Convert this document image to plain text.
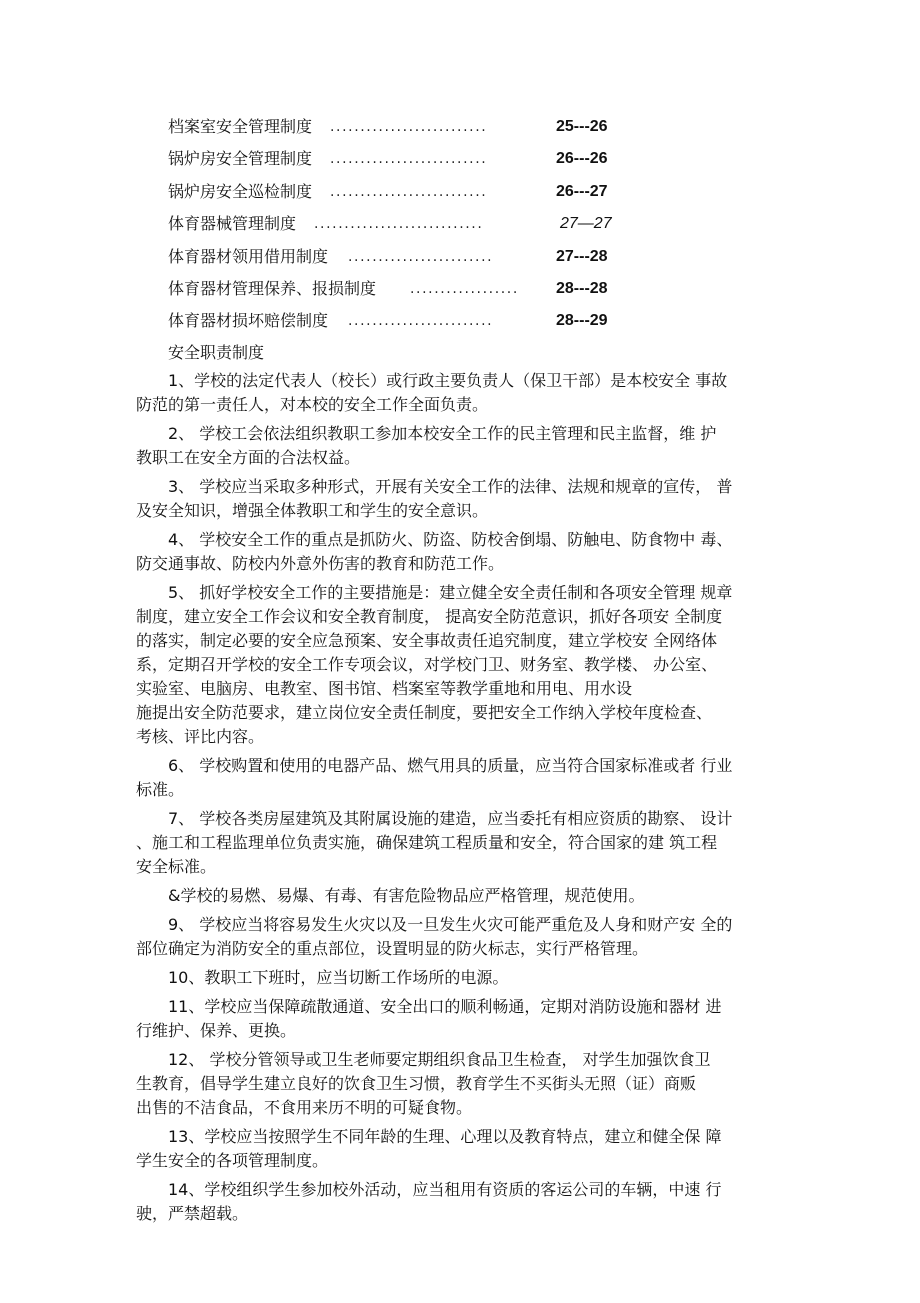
档案室安全管理制度 ..........................	25---26
锅炉房安全管理制度 ..........................	26---26
锅炉房安全巡检制度 ..........................	26---27
体育器械管理制度 ............................	27—27
体育器材领用借用制度 ........................	27---28
体育器材管理保养、报损制度 ..................	28---28
体育器材损坏赔偿制度 ........................	28---29
安全职责制度
1、学校的法定代表人（校长）或行政主要负责人（保卫干部）是本校安全 事故
防范的第一责任人，对本校的安全工作全面负责。
2、 学校工会依法组织教职工参加本校安全工作的民主管理和民主监督，维 护
教职工在安全方面的合法权益。
3、 学校应当采取多种形式，开展有关安全工作的法律、法规和规章的宣传， 普
及安全知识，增强全体教职工和学生的安全意识。
4、 学校安全工作的重点是抓防火、防盗、防校舍倒塌、防触电、防食物中 毒、
防交通事故、防校内外意外伤害的教育和防范工作。
5、 抓好学校安全工作的主要措施是：建立健全安全责任制和各项安全管理 规章
制度，建立安全工作会议和安全教育制度， 提高安全防范意识，抓好各项安 全制度
的落实，制定必要的安全应急预案、安全事故责任追究制度，建立学校安 全网络体
系，定期召开学校的安全工作专项会议，对学校门卫、财务室、教学楼、 办公室、
实验室、电脑房、电教室、图书馆、档案室等教学重地和用电、用水设
施提出安全防范要求，建立岗位安全责任制度，要把安全工作纳入学校年度检查、
考核、评比内容。
6、 学校购置和使用的电器产品、燃气用具的质量，应当符合国家标准或者 行业
标准。
7、 学校各类房屋建筑及其附属设施的建造，应当委托有相应资质的勘察、 设计
、施工和工程监理单位负责实施，确保建筑工程质量和安全，符合国家的建 筑工程
安全标准。
&学校的易燃、易爆、有毒、有害危险物品应严格管理，规范使用。
9、 学校应当将容易发生火灾以及一旦发生火灾可能严重危及人身和财产安 全的
部位确定为消防安全的重点部位，设置明显的防火标志，实行严格管理。
10、教职工下班时，应当切断工作场所的电源。
11、学校应当保障疏散通道、安全出口的顺利畅通，定期对消防设施和器材 进
行维护、保养、更换。
12、 学校分管领导或卫生老师要定期组织食品卫生检查， 对学生加强饮食卫
生教育，倡导学生建立良好的饮食卫生习惯，教育学生不买街头无照（证）商贩
出售的不洁食品，不食用来历不明的可疑食物。
13、学校应当按照学生不同年龄的生理、心理以及教育特点，建立和健全保 障
学生安全的各项管理制度。
14、学校组织学生参加校外活动，应当租用有资质的客运公司的车辆，中速 行
驶，严禁超载。
